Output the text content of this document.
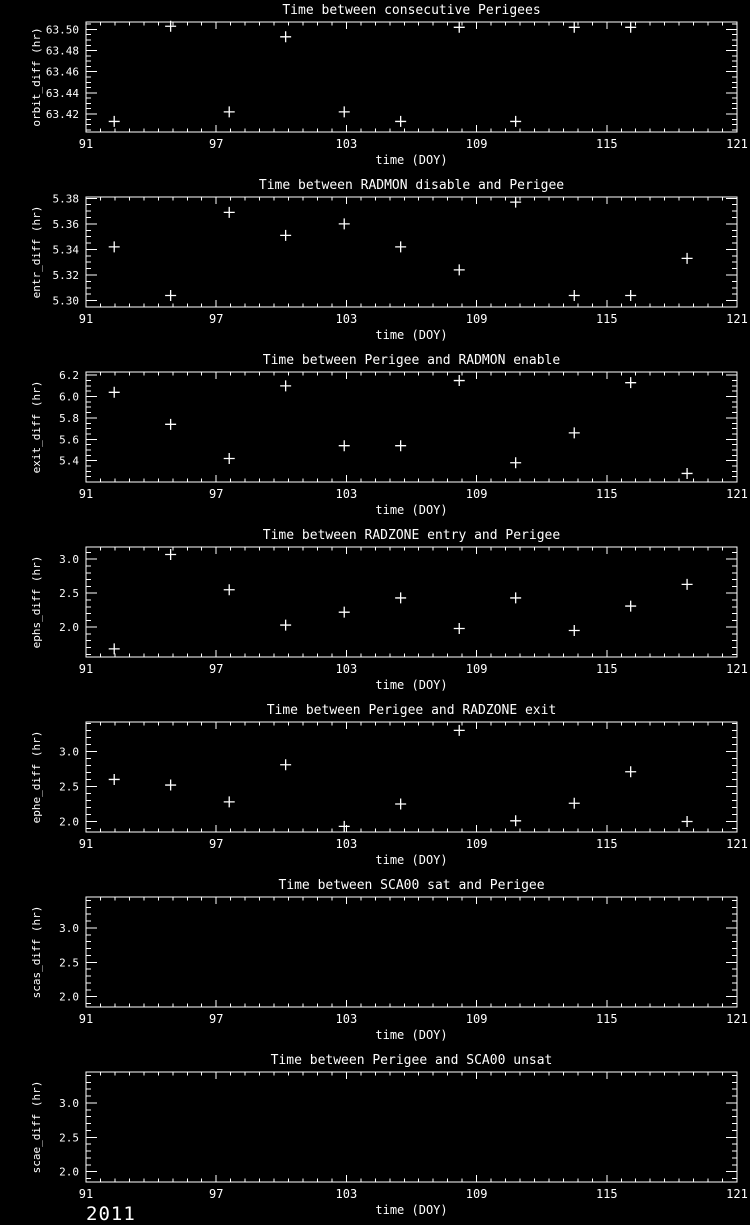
Time between consecutive Perigees
time (DOY)
orbit_diff (hr)
91	97	103	109	115	121
63.42
63.44
63.46
63.48
63.50
Time between RADMON disable and Perigee
time (DOY)
entr_diff (hr)
91	97	103	109	115	121
5.30
5.32
5.34
5.36
5.38
Time between Perigee and RADMON enable
time (DOY)
exit_diff (hr)
91	97	103	109	115	121
5.4
5.6
5.8
6.0
6.2
Time between RADZONE entry and Perigee
time (DOY)
ephs_diff (hr)
91	97	103	109	115	121
2.0
2.5
3.0
Time between Perigee and RADZONE exit
time (DOY)
ephe_diff (hr)
91	97	103	109	115	121
2.0
2.5
3.0
Time between SCA00 sat and Perigee
time (DOY)
scas_diff (hr)
91	97	103	109	115	121
2.0
2.5
3.0
Time between Perigee and SCA00 unsat
time (DOY)
scae_diff (hr)
91	97	103	109	115	121
2.0
2.5
3.0
2011
